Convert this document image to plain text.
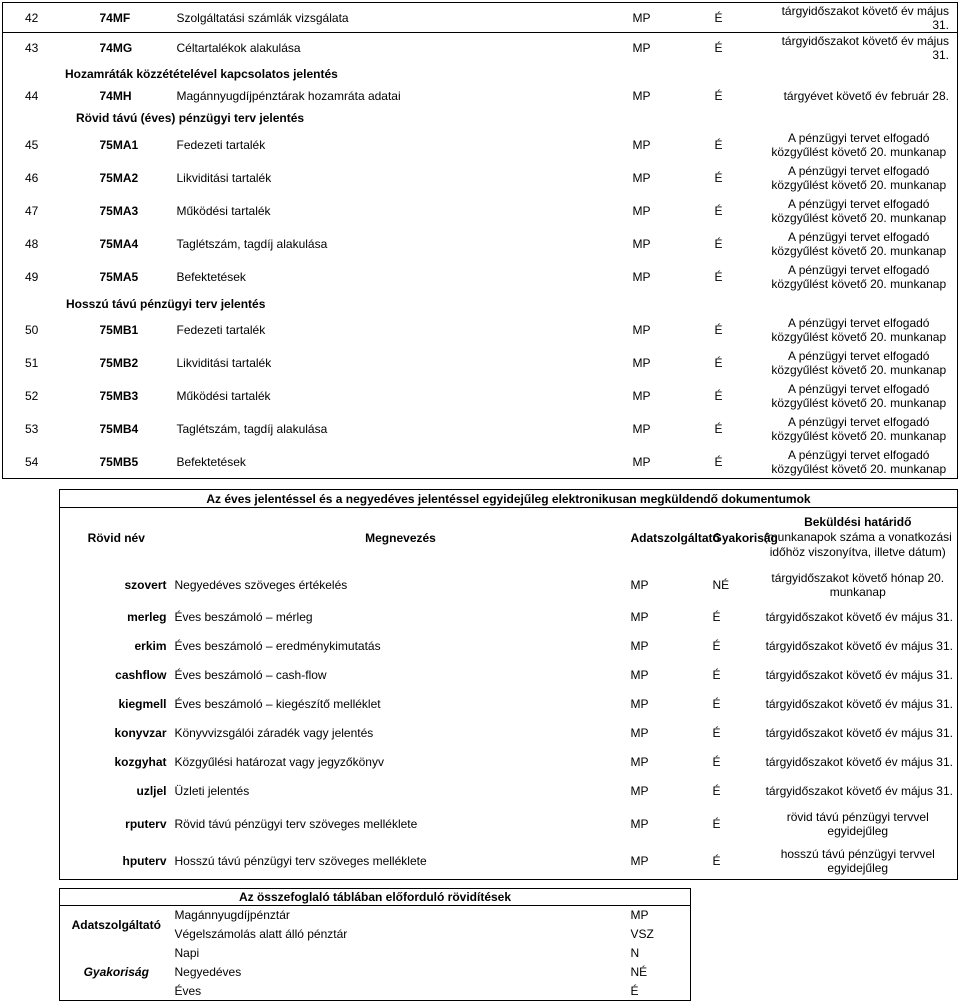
42	74MF	Szolgáltatási számlák vizsgálata	MP	É	tárgyidőszakot követő év május 31.
43	74MG	Céltartalékok alakulása	MP	É	tárgyidőszakot követő év május 31.
Hozamráták közzétételével kapcsolatos jelentés					
44	74MH	Magánnyugdíjpénztárak hozamráta adatai	MP	É	tárgyévet követő év február 28.
Rövid távú (éves) pénzügyi terv jelentés					
45	75MA1	Fedezeti tartalék	MP	É	A pénzügyi tervet elfogadó
közgyűlést követő 20. munkanap

46	75MA2	Likviditási tartalék	MP	É	A pénzügyi tervet elfogadó
közgyűlést követő 20. munkanap

47	75MA3	Működési tartalék	MP	É	A pénzügyi tervet elfogadó
közgyűlést követő 20. munkanap

48	75MA4	Taglétszám, tagdíj alakulása	MP	É	A pénzügyi tervet elfogadó
közgyűlést követő 20. munkanap

49	75MA5	Befektetések	MP	É	A pénzügyi tervet elfogadó
közgyűlést követő 20. munkanap

Hosszú távú pénzügyi terv jelentés					
50	75MB1	Fedezeti tartalék	MP	É	A pénzügyi tervet elfogadó
közgyűlést követő 20. munkanap

51	75MB2	Likviditási tartalék	MP	É	A pénzügyi tervet elfogadó
közgyűlést követő 20. munkanap

52	75MB3	Működési tartalék	MP	É	A pénzügyi tervet elfogadó
közgyűlést követő 20. munkanap

53	75MB4	Taglétszám, tagdíj alakulása	MP	É	A pénzügyi tervet elfogadó
közgyűlést követő 20. munkanap

54	75MB5	Befektetések	MP	É	A pénzügyi tervet elfogadó
közgyűlést követő 20. munkanap
Az éves jelentéssel és a negyedéves jelentéssel egyidejűleg elektronikusan megküldendő dokumentumok				
Rövid név	Megnevezés	Adatszolgáltató	Gyakoriság	Beküldési határidő
(munkanapok száma a vonatkozási
időhöz viszonyítva, illetve dátum)

szovert	Negyedéves szöveges értékelés	MP	NÉ	tárgyidőszakot követő hónap 20.
munkanap

merleg	Éves beszámoló – mérleg	MP	É	tárgyidőszakot követő év május 31.
erkim	Éves beszámoló – eredménykimutatás	MP	É	tárgyidőszakot követő év május 31.
cashflow	Éves beszámoló – cash-flow	MP	É	tárgyidőszakot követő év május 31.
kiegmell	Éves beszámoló – kiegészítő melléklet	MP	É	tárgyidőszakot követő év május 31.
konyvzar	Könyvvizsgálói záradék vagy jelentés	MP	É	tárgyidőszakot követő év május 31.
kozgyhat	Közgyűlési határozat vagy jegyzőkönyv	MP	É	tárgyidőszakot követő év május 31.
uzljel	Üzleti jelentés	MP	É	tárgyidőszakot követő év május 31.
rputerv	Rövid távú pénzügyi terv szöveges melléklete	MP	É	rövid távú pénzügyi tervvel
egyidejűleg

hputerv	Hosszú távú pénzügyi terv szöveges melléklete	MP	É	hosszú távú pénzügyi tervvel
egyidejűleg
Az összefoglaló táblában előforduló rövidítések		
Adatszolgáltató	Magánnyugdíjpénztár	MP
	Végelszámolás alatt álló pénztár	VSZ
Gyakoriság	Napi	N
	Negyedéves	NÉ
	Éves	É
